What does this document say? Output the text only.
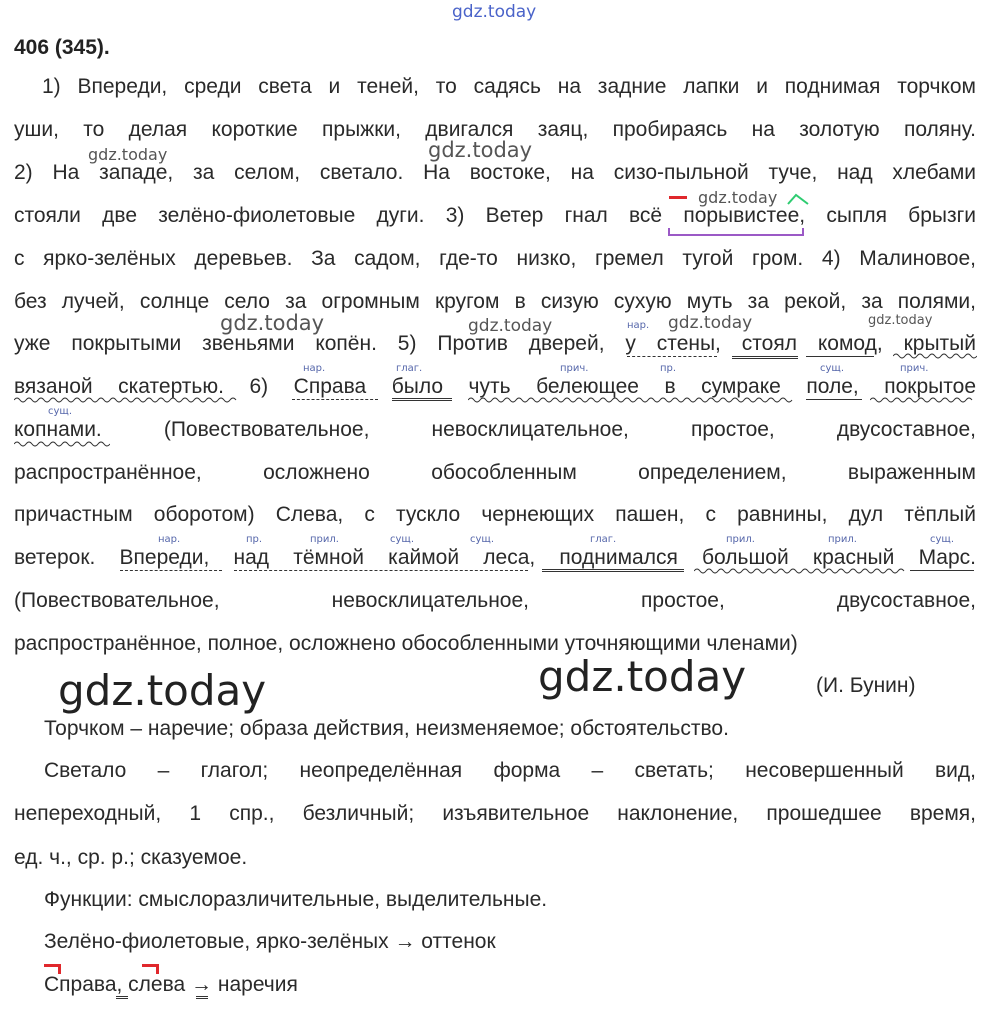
gdz.today
406 (345).
1) Впереди, среди света и теней, то садясь на задние лапки и поднимая торчком
уши, то делая короткие прыжки, двигался заяц, пробираясь на золотую поляну.
gdz.today	gdz.today
2) На западе, за селом, светало. На востоке, на сизо-пыльной туче, над хлебами
gdz.today
стояли две зелёно-фиолетовые дуги. 3) Ветер гнал всё порывистее, сыпля брызги
с ярко-зелёных деревьев. За садом, где-то низко, гремел тугой гром. 4) Малиновое,
без лучей, солнце село за огромным кругом в сизую сухую муть за рекой, за полями,
gdz.today	gdz.today	gdz.today	gdz.today
нар.
уже покрытыми звеньями копён. 5) Против дверей, у стены, стоял комод, крытый
нар.	глаг.	прич.	пр.	сущ.	прич.
вязаной скатертью. 6) Справа было чуть белеющее в сумраке поле, покрытое
сущ.
копнами. (Повествовательное, невосклицательное, простое, двусоставное,
распространённое, осложнено обособленным определением, выраженным
причастным оборотом) Слева, с тускло чернеющих пашен, с равнины, дул тёплый
нар.	пр.	прил.	сущ.	сущ.	глаг.	прил.	прил.	сущ.
ветерок. Впереди, над тёмной каймой леса, поднимался большой красный Марс.
(Повествовательное, невосклицательное, простое, двусоставное,
распространённое, полное, осложнено обособленными уточняющими членами)
gdz.today	gdz.today	(И. Бунин)
Торчком – наречие; образа действия, неизменяемое; обстоятельство.
Светало – глагол; неопределённая форма – светать; несовершенный вид,
непереходный, 1 спр., безличный; изъявительное наклонение, прошедшее время,
ед. ч., ср. р.; сказуемое.
Функции: смыслоразличительные, выделительные.
Зелёно-фиолетовые, ярко-зелёных → оттенок
Справа, слева → наречия
